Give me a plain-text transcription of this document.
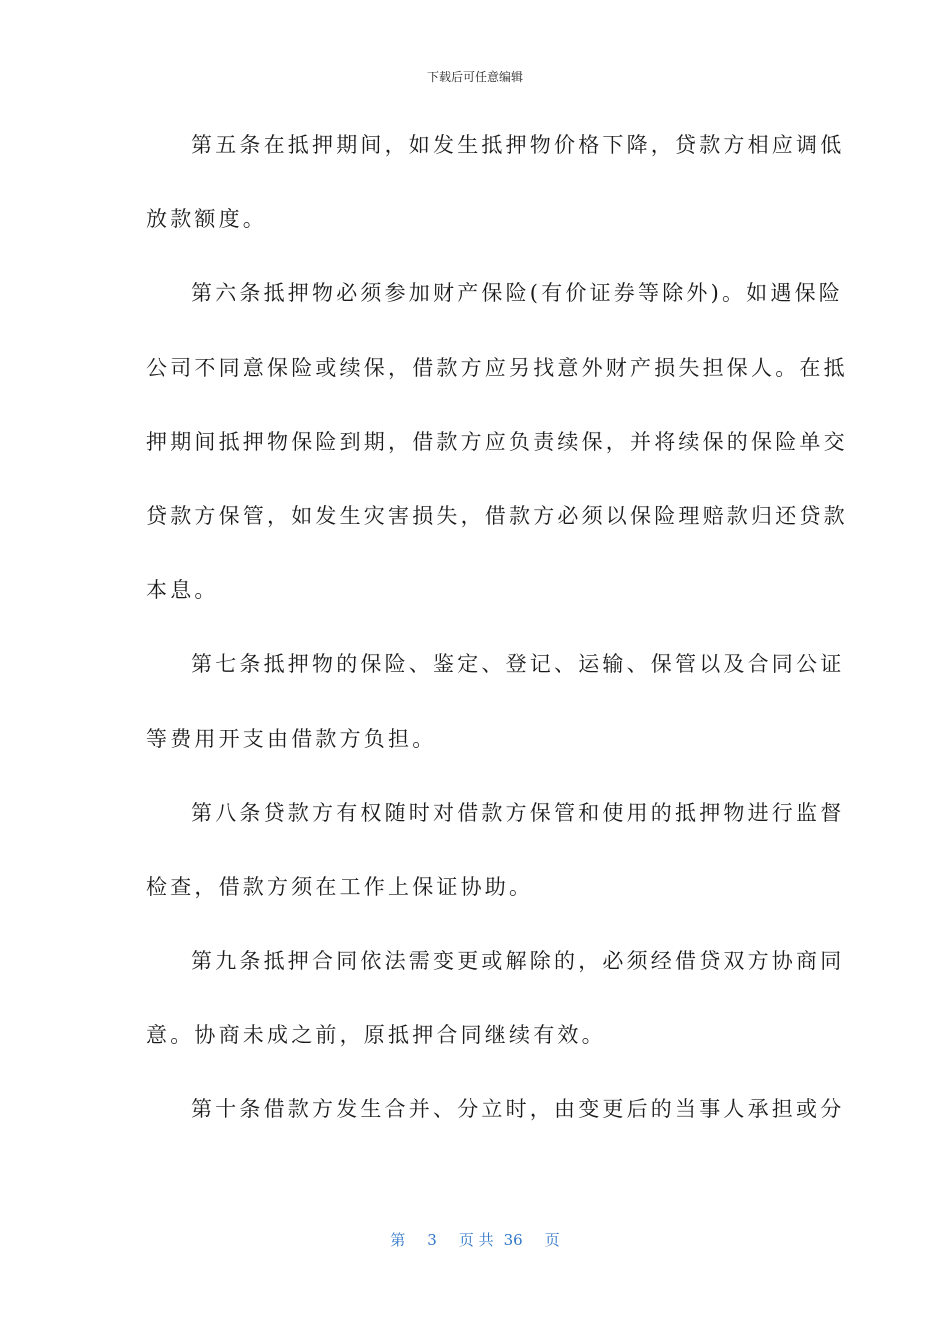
下载后可任意编辑
第五条在抵押期间，如发生抵押物价格下降，贷款方相应调低
放款额度。
第六条抵押物必须参加财产保险(有价证券等除外)。如遇保险
公司不同意保险或续保，借款方应另找意外财产损失担保人。在抵
押期间抵押物保险到期，借款方应负责续保，并将续保的保险单交
贷款方保管，如发生灾害损失，借款方必须以保险理赔款归还贷款
本息。
第七条抵押物的保险、鉴定、登记、运输、保管以及合同公证
等费用开支由借款方负担。
第八条贷款方有权随时对借款方保管和使用的抵押物进行监督
检查，借款方须在工作上保证协助。
第九条抵押合同依法需变更或解除的，必须经借贷双方协商同
意。协商未成之前，原抵押合同继续有效。
第十条借款方发生合并、分立时，由变更后的当事人承担或分
第 3 页 共 36 页
